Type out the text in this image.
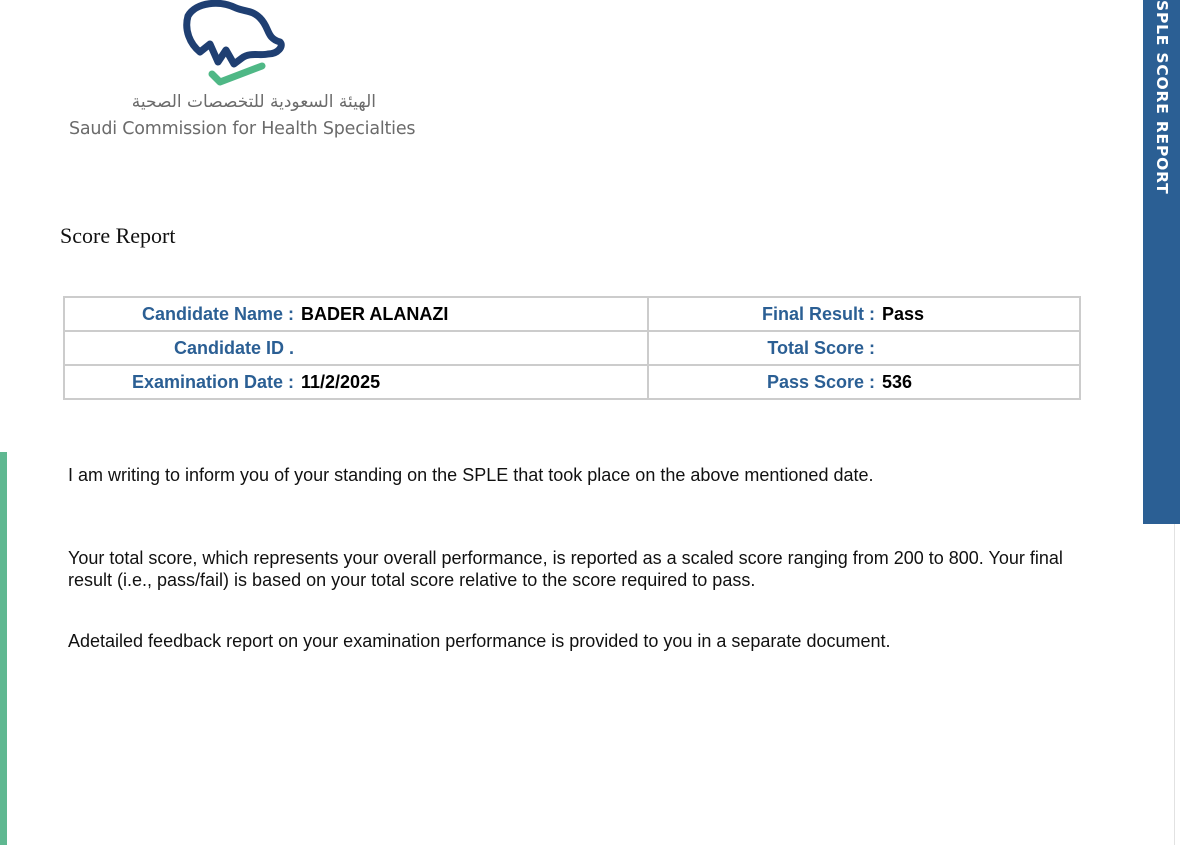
الهيئة السعودية للتخصصات الصحية
Saudi Commission for Health Specialties	SPLE SCORE REPORT
Score Report
Candidate Name : BADER ALANAZI	Final Result : Pass
Candidate ID .	Total Score :
Examination Date : 11/2/2025	Pass Score : 536

I am writing to inform you of your standing on the SPLE that took place on the above mentioned date.

Your total score, which represents your overall performance, is reported as a scaled score ranging from 200 to 800. Your final result (i.e., pass/fail) is based on your total score relative to the score required to pass.

Adetailed feedback report on your examination performance is provided to you in a separate document.
